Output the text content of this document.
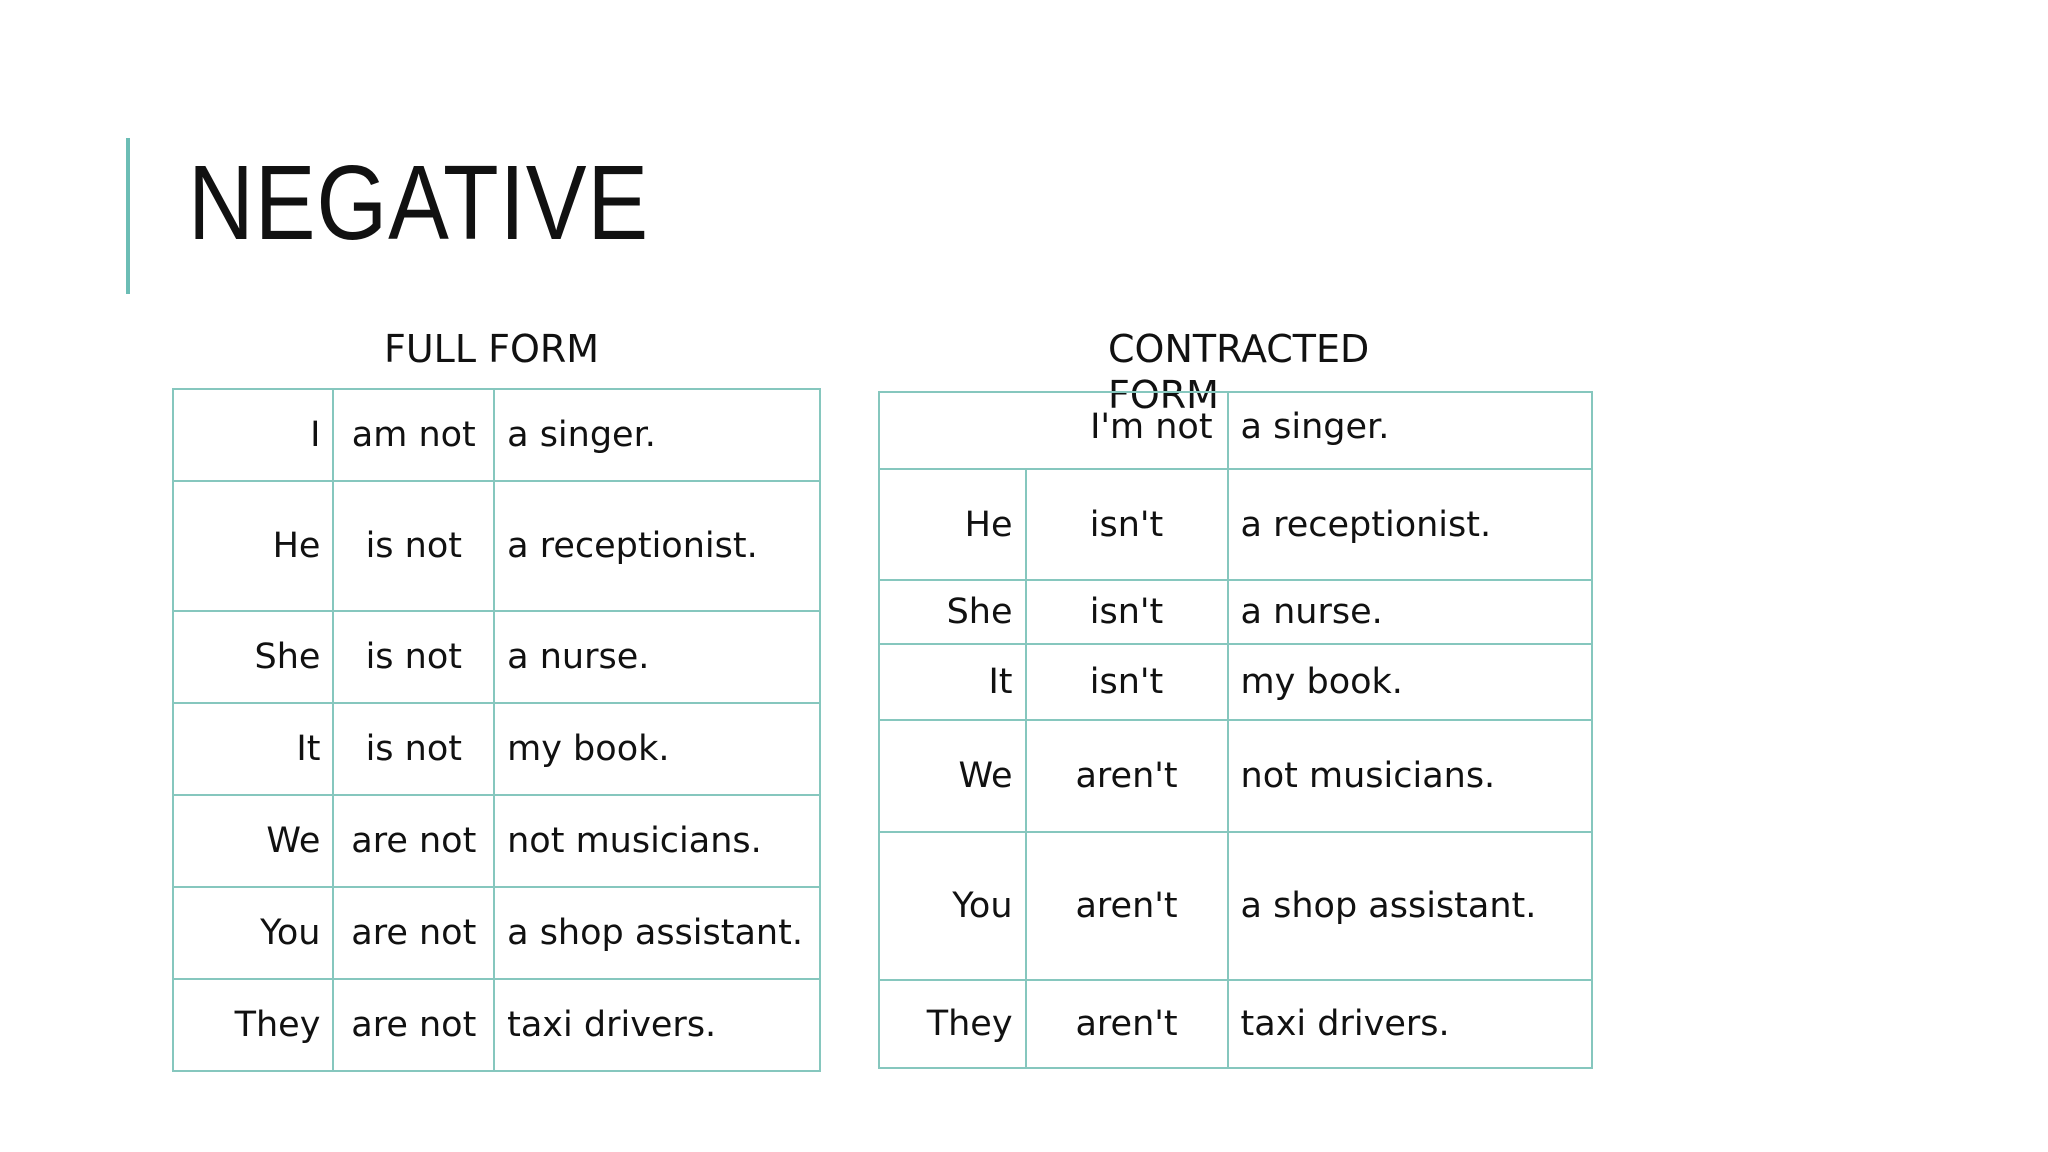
NEGATIVE

FULL FORM	CONTRACTED FORM

I	am not	a singer.
He	is not	a receptionist.
She	is not	a nurse.
It	is not	my book.
We	are not	not musicians.
You	are not	a shop assistant.
They	are not	taxi drivers.
I'm not		a singer.
He	isn't	a receptionist.
She	isn't	a nurse.
It	isn't	my book.
We	aren't	not musicians.
You	aren't	a shop assistant.
They	aren't	taxi drivers.
